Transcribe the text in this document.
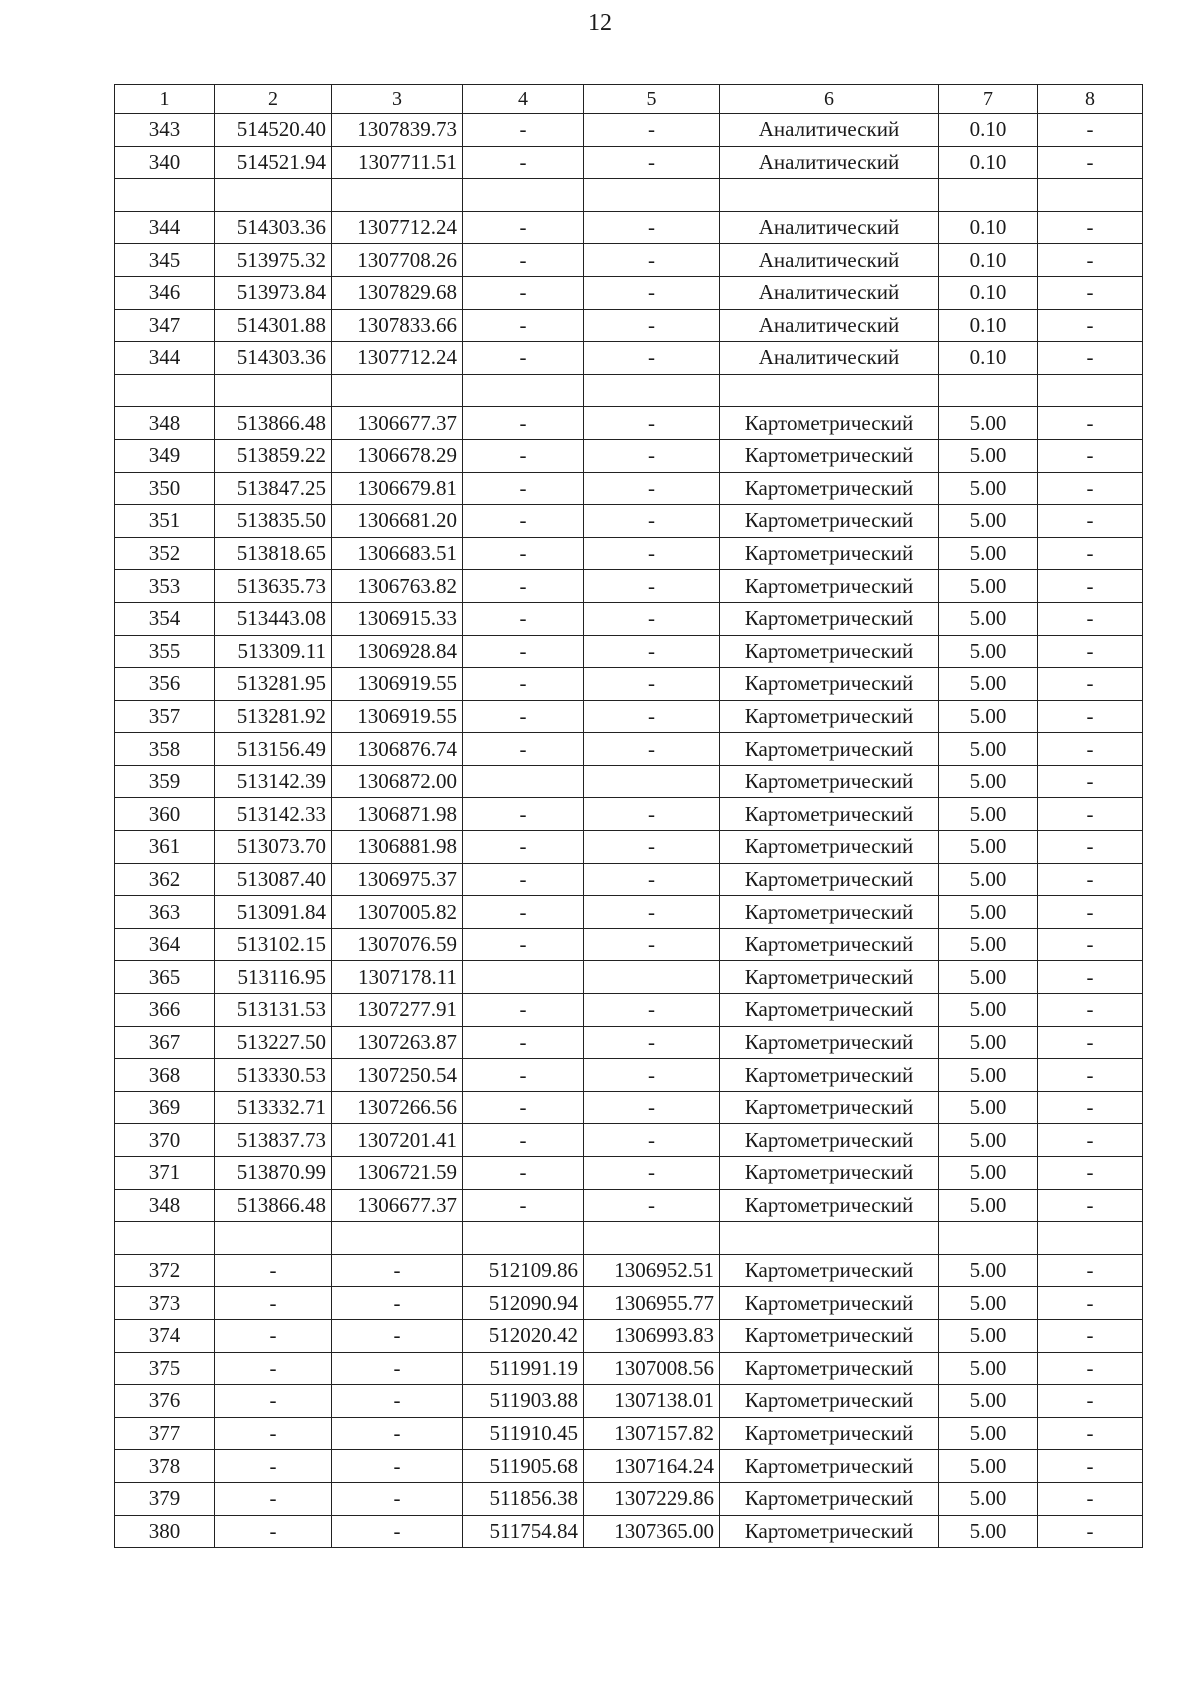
12
1	2	3	4	5	6	7	8
343	514520.40	1307839.73	-	-	Аналитический	0.10	-
340	514521.94	1307711.51	-	-	Аналитический	0.10	-

344	514303.36	1307712.24	-	-	Аналитический	0.10	-
345	513975.32	1307708.26	-	-	Аналитический	0.10	-
346	513973.84	1307829.68	-	-	Аналитический	0.10	-
347	514301.88	1307833.66	-	-	Аналитический	0.10	-
344	514303.36	1307712.24	-	-	Аналитический	0.10	-

348	513866.48	1306677.37	-	-	Картометрический	5.00	-
349	513859.22	1306678.29	-	-	Картометрический	5.00	-
350	513847.25	1306679.81	-	-	Картометрический	5.00	-
351	513835.50	1306681.20	-	-	Картометрический	5.00	-
352	513818.65	1306683.51	-	-	Картометрический	5.00	-
353	513635.73	1306763.82	-	-	Картометрический	5.00	-
354	513443.08	1306915.33	-	-	Картометрический	5.00	-
355	513309.11	1306928.84	-	-	Картометрический	5.00	-
356	513281.95	1306919.55	-	-	Картометрический	5.00	-
357	513281.92	1306919.55	-	-	Картометрический	5.00	-
358	513156.49	1306876.74	-	-	Картометрический	5.00	-
359	513142.39	1306872.00			Картометрический	5.00	-
360	513142.33	1306871.98	-	-	Картометрический	5.00	-
361	513073.70	1306881.98	-	-	Картометрический	5.00	-
362	513087.40	1306975.37	-	-	Картометрический	5.00	-
363	513091.84	1307005.82	-	-	Картометрический	5.00	-
364	513102.15	1307076.59	-	-	Картометрический	5.00	-
365	513116.95	1307178.11			Картометрический	5.00	-
366	513131.53	1307277.91	-	-	Картометрический	5.00	-
367	513227.50	1307263.87	-	-	Картометрический	5.00	-
368	513330.53	1307250.54	-	-	Картометрический	5.00	-
369	513332.71	1307266.56	-	-	Картометрический	5.00	-
370	513837.73	1307201.41	-	-	Картометрический	5.00	-
371	513870.99	1306721.59	-	-	Картометрический	5.00	-
348	513866.48	1306677.37	-	-	Картометрический	5.00	-

372	-	-	512109.86	1306952.51	Картометрический	5.00	-
373	-	-	512090.94	1306955.77	Картометрический	5.00	-
374	-	-	512020.42	1306993.83	Картометрический	5.00	-
375	-	-	511991.19	1307008.56	Картометрический	5.00	-
376	-	-	511903.88	1307138.01	Картометрический	5.00	-
377	-	-	511910.45	1307157.82	Картометрический	5.00	-
378	-	-	511905.68	1307164.24	Картометрический	5.00	-
379	-	-	511856.38	1307229.86	Картометрический	5.00	-
380	-	-	511754.84	1307365.00	Картометрический	5.00	-
